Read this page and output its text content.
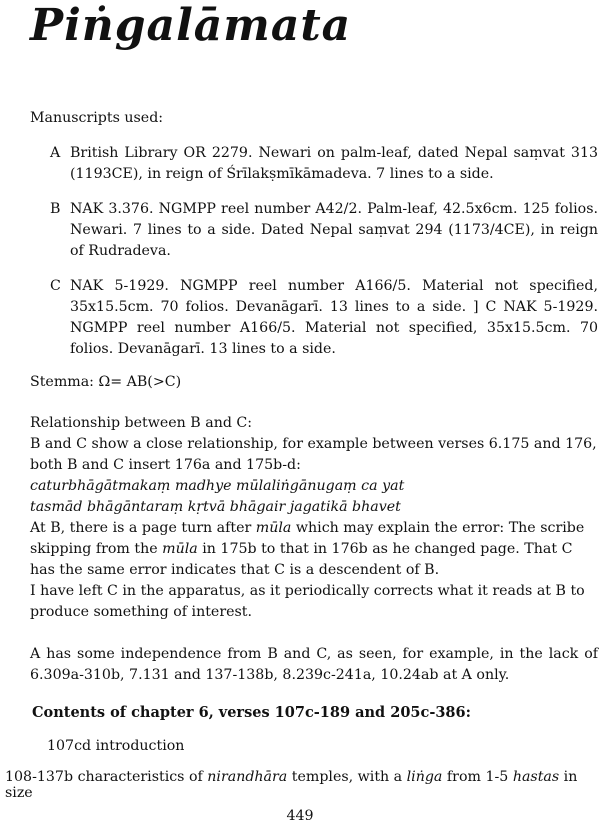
Piṅgalāmata

Manuscripts used:

A British Library OR 2279. Newari on palm-leaf, dated Nepal saṃvat 313 (1193CE), in reign of Śrīlakṣmīkāmadeva. 7 lines to a side.
B NAK 3.376. NGMPP reel number A42/2. Palm-leaf, 42.5x6cm. 125 folios. Newari. 7 lines to a side. Dated Nepal saṃvat 294 (1173/4CE), in reign of Rudradeva.
C NAK 5-1929. NGMPP reel number A166/5. Material not specified, 35x15.5cm. 70 folios. Devanāgarī. 13 lines to a side. ] C NAK 5-1929. NGMPP reel number A166/5. Material not specified, 35x15.5cm. 70 folios. Devanāgarī. 13 lines to a side.

Stemma: Ω= AB(>C)

Relationship between B and C:

B and C show a close relationship, for example between verses 6.175 and 176, both B and C insert 176a and 175b-d:

caturbhāgātmakaṃ madhye mūlaliṅgānugaṃ ca yat

tasmād bhāgāntaraṃ kṛtvā bhāgair jagatikā bhavet

At B, there is a page turn after mūla which may explain the error: The scribe skipping from the mūla in 175b to that in 176b as he changed page. That C has the same error indicates that C is a descendent of B.

I have left C in the apparatus, as it periodically corrects what it reads at B to produce something of interest.

A has some independence from B and C, as seen, for example, in the lack of 6.309a-310b, 7.131 and 137-138b, 8.239c-241a, 10.24ab at A only.

Contents of chapter 6, verses 107c-189 and 205c-386:
107cd introduction
108-137b characteristics of nirandhāra temples, with a liṅga from 1-5 hastas in size
449
